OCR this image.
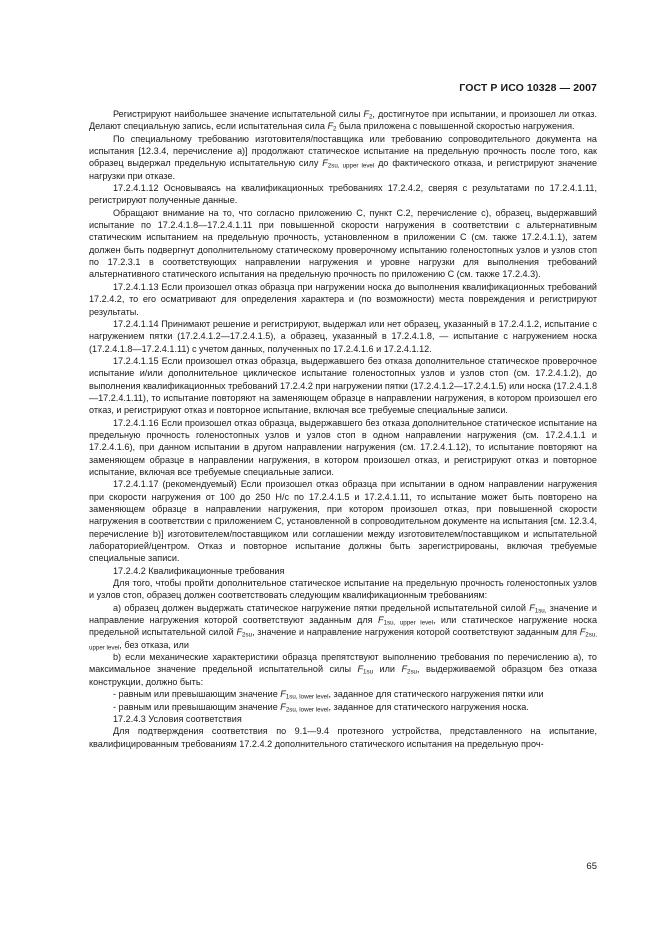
ГОСТ Р ИСО 10328 — 2007

Регистрируют наибольшее значение испытательной силы $F_2$, достигнутое при испытании, и произошел ли отказ. Делают специальную запись, если испытательная сила $F_2$ была приложена с повышенной скоростью нагружения.

По специальному требованию изготовителя/поставщика или требованию сопроводительного документа на испытания [12.3.4, перечисление а)] продолжают статическое испытание на предельную прочность после того, как образец выдержал предельную испытательную силу $F_{2su, upper level}$ до фактического отказа, и регистрируют значение нагрузки при отказе.

17.2.4.1.12 Основываясь на квалификационных требованиях 17.2.4.2, сверяя с результатами по 17.2.4.1.11, регистрируют полученные данные.

Обращают внимание на то, что согласно приложению С, пункт С.2, перечисление с), образец, выдержавший испытание по 17.2.4.1.8—17.2.4.1.11 при повышенной скорости нагружения в соответствии с альтернативным статическим испытанием на предельную прочность, установленном в приложении С (см. также 17.2.4.1.1), затем должен быть подвергнут дополнительному статическому проверочному испытанию голеностопных узлов и узлов стоп по 17.2.3.1 в соответствующих направлении нагружения и уровне нагрузки для выполнения требований альтернативного статического испытания на предельную прочность по приложению С (см. также 17.2.4.3).

17.2.4.1.13 Если произошел отказ образца при нагружении носка до выполнения квалификационных требований 17.2.4.2, то его осматривают для определения характера и (по возможности) места повреждения и регистрируют результаты.

17.2.4.1.14 Принимают решение и регистрируют, выдержал или нет образец, указанный в 17.2.4.1.2, испытание с нагружением пятки (17.2.4.1.2—17.2.4.1.5), а образец, указанный в 17.2.4.1.8, — испытание с нагружением носка (17.2.4.1.8—17.2.4.1.11) с учетом данных, полученных по 17.2.4.1.6 и 17.2.4.1.12.

17.2.4.1.15 Если произошел отказ образца, выдержавшего без отказа дополнительное статическое проверочное испытание и/или дополнительное циклическое испытание голеностопных узлов и узлов стоп (см. 17.2.4.1.2), до выполнения квалификационных требований 17.2.4.2 при нагружении пятки (17.2.4.1.2—17.2.4.1.5) или носка (17.2.4.1.8—17.2.4.1.11), то испытание повторяют на заменяющем образце в направлении нагружения, в котором произошел его отказ, и регистрируют отказ и повторное испытание, включая все требуемые специальные записи.

17.2.4.1.16 Если произошел отказ образца, выдержавшего без отказа дополнительное статическое испытание на предельную прочность голеностопных узлов и узлов стоп в одном направлении нагружения (см. 17.2.4.1.1 и 17.2.4.1.6), при данном испытании в другом направлении нагружения (см. 17.2.4.1.12), то испытание повторяют на заменяющем образце в направлении нагружения, в котором произошел отказ, и регистрируют отказ и повторное испытание, включая все требуемые специальные записи.

17.2.4.1.17 (рекомендуемый) Если произошел отказ образца при испытании в одном направлении нагружения при скорости нагружения от 100 до 250 Н/с по 17.2.4.1.5 и 17.2.4.1.11, то испытание может быть повторено на заменяющем образце в направлении нагружения, при котором произошел отказ, при повышенной скорости нагружения в соответствии с приложением С, установленной в сопроводительном документе на испытания [см. 12.3.4, перечисление b)] изготовителем/поставщиком или соглашении между изготовителем/поставщиком и испытательной лабораторией/центром. Отказ и повторное испытание должны быть зарегистрированы, включая требуемые специальные записи.

17.2.4.2 Квалификационные требования

Для того, чтобы пройти дополнительное статическое испытание на предельную прочность голеностопных узлов и узлов стоп, образец должен соответствовать следующим квалификационным требованиям:

а) образец должен выдержать статическое нагружение пятки предельной испытательной силой $F_{1su,}$ значение и направление нагружения которой соответствуют заданным для $F_{1su, upper level}$, или статическое нагружение носка предельной испытательной силой $F_{2su}$, значение и направление нагружения которой соответствуют заданным для $F_{2su, upper level}$, без отказа, или

b) если механические характеристики образца препятствуют выполнению требования по перечислению а), то максимальное значение предельной испытательной силы $F_{1su}$ или $F_{2su}$, выдерживаемой образцом без отказа конструкции, должно быть:

- равным или превышающим значение $F_{1su, lower level}$, заданное для статического нагружения пятки или

- равным или превышающим значение $F_{2su, lower level}$, заданное для статического нагружения носка.

17.2.4.3 Условия соответствия

Для подтверждения соответствия по 9.1—9.4 протезного устройства, представленного на испытание, квалифицированным требованиям 17.2.4.2 дополнительного статического испытания на предельную проч-

65
